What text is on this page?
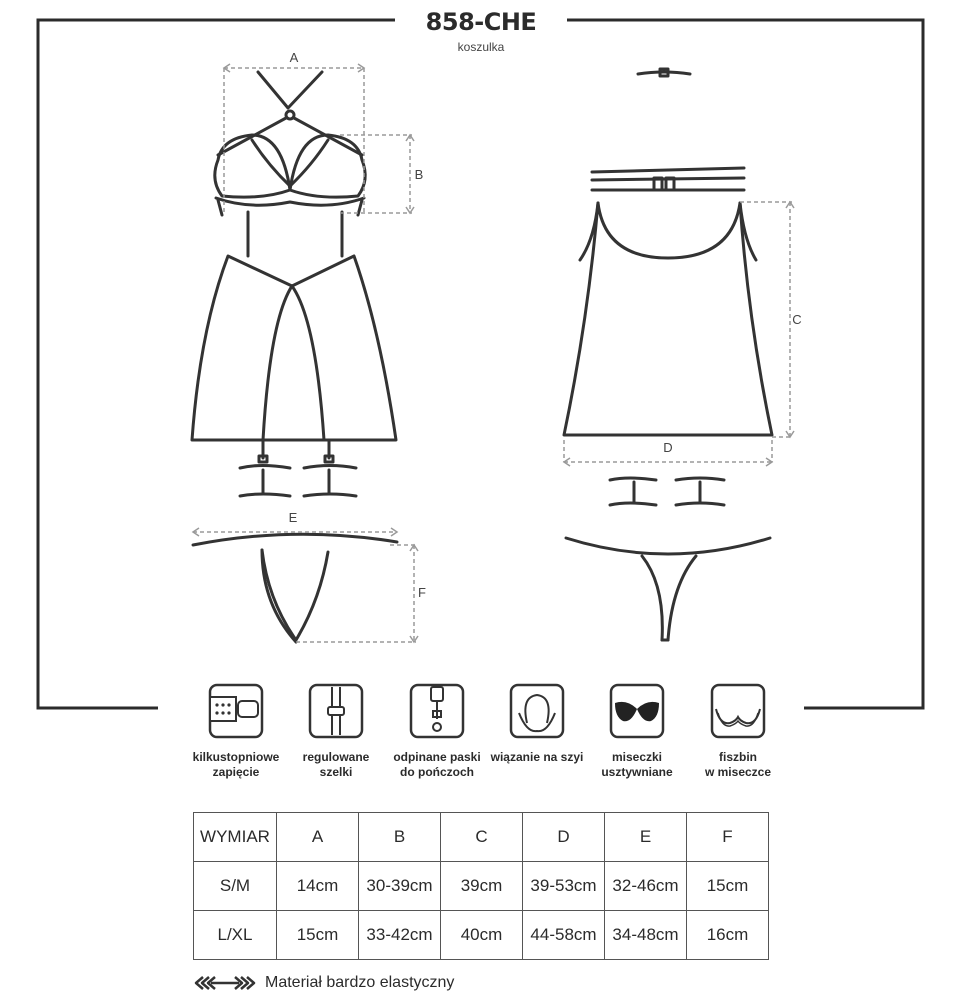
A
B
C
D
E
F
858-CHE
koszulka
kilkustopniowe
zapięcie
regulowane
szelki
odpinane paski
do pończoch
wiązanie na szyi	miseczki
usztywniane
fiszbin
w miseczce
WYMIAR	A	B	C	D	E	F
S/M	14cm	30-39cm	39cm	39-53cm	32-46cm	15cm
L/XL	15cm	33-42cm	40cm	44-58cm	34-48cm	16cm
Materiał bardzo elastyczny
